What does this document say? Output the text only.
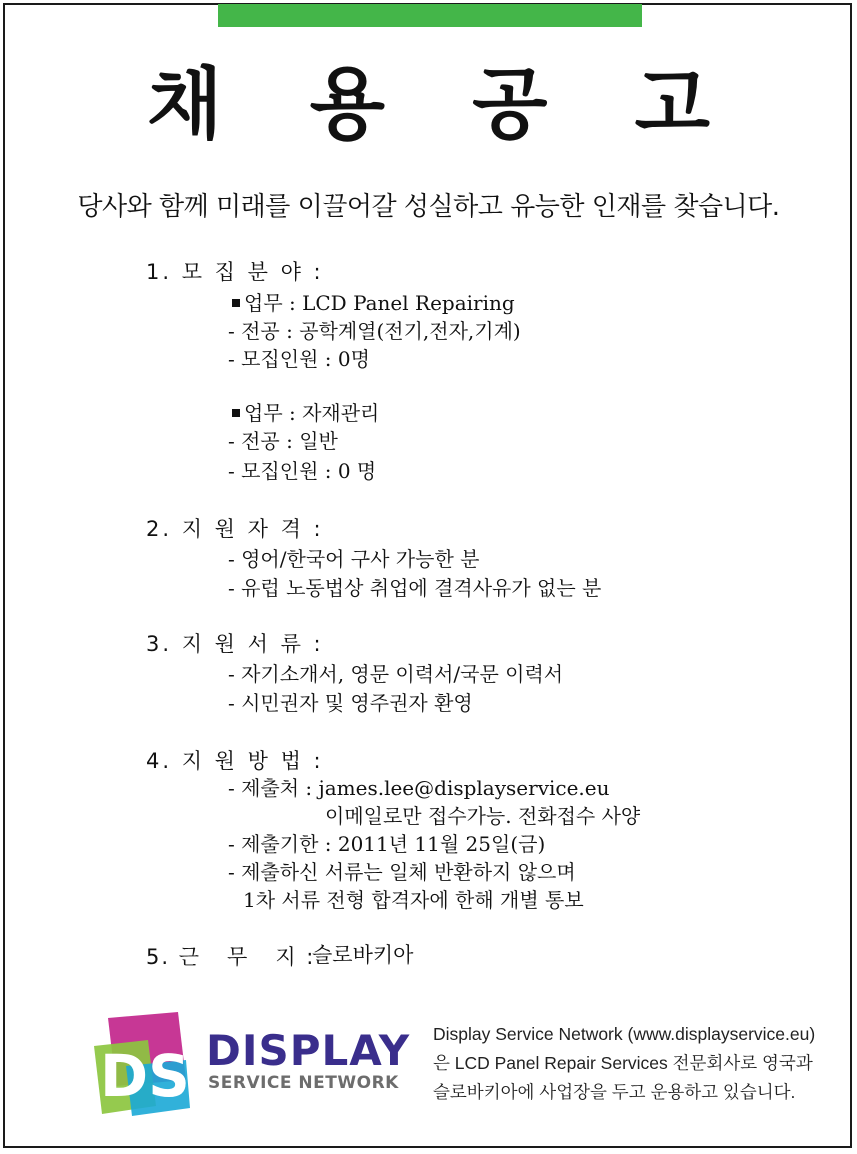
채 용 공 고
당사와 함께 미래를 이끌어갈 성실하고 유능한 인재를 찾습니다.
1. 모 집 분 야 :
업무 : LCD Panel Repairing
- 전공 : 공학계열(전기,전자,기계)
- 모집인원 : 0명
업무 : 자재관리
- 전공 : 일반
- 모집인원 : 0 명
2. 지 원 자 격 :
- 영어/한국어 구사 가능한 분
- 유럽 노동법상 취업에 결격사유가 없는 분
3. 지 원 서 류 :
- 자기소개서, 영문 이력서/국문 이력서
- 시민권자 및 영주권자 환영
4. 지 원 방 법 :
- 제출처 : james.lee@displayservice.eu
이메일로만 접수가능. 전화접수 사양
- 제출기한 : 2011년 11월 25일(금)
- 제출하신 서류는 일체 반환하지 않으며
1차 서류 전형 합격자에 한해 개별 통보
5. 근   무   지 :
슬로바키아
DS DISPLAY
SERVICE NETWORK
Display Service Network (www.displayservice.eu)
은 LCD Panel Repair Services 전문회사로 영국과
슬로바키아에 사업장을 두고 운용하고 있습니다.
